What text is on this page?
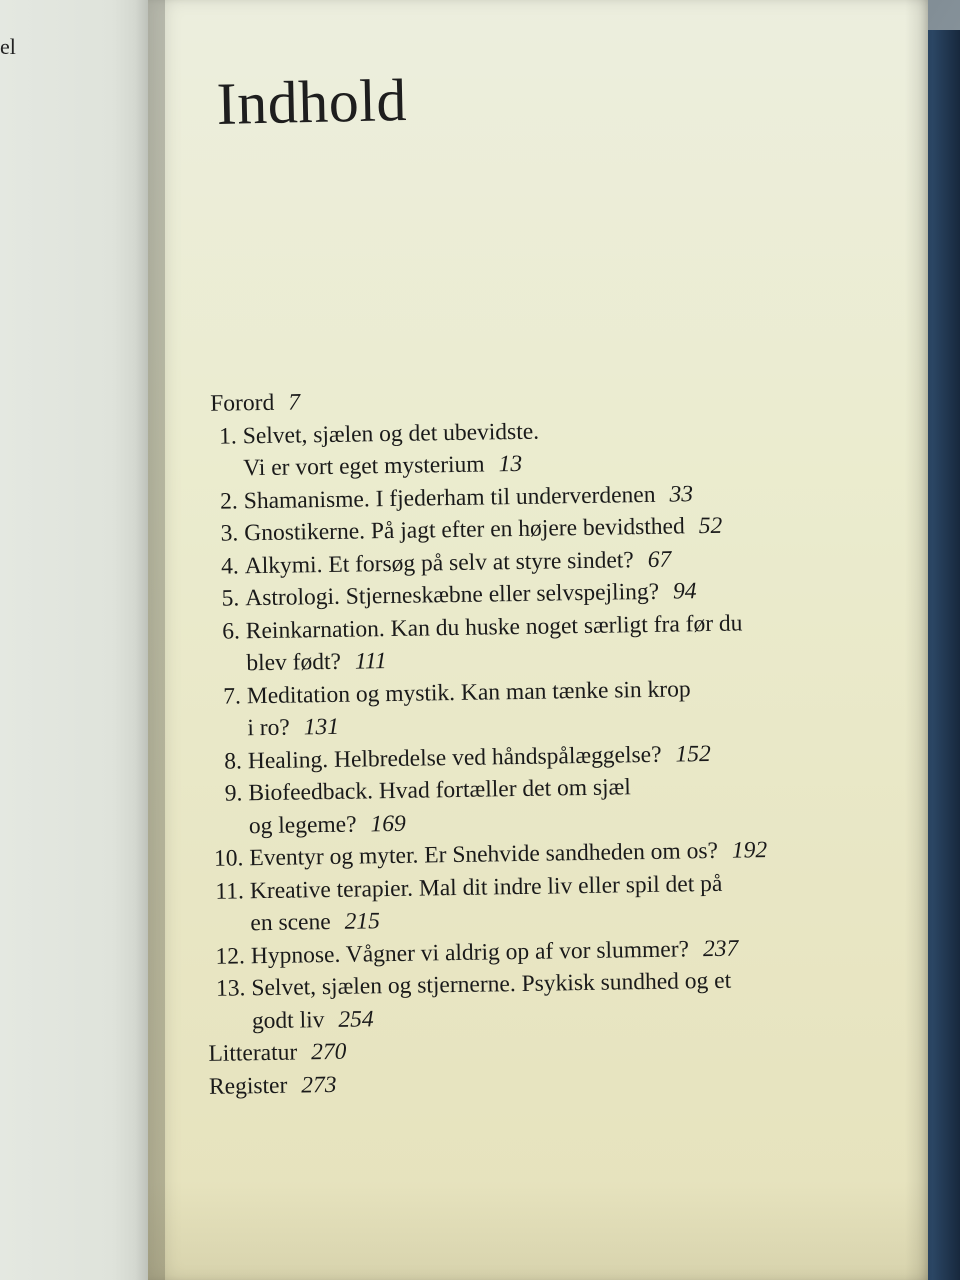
el
Indhold
Forord 7
1. Selvet, sjælen og det ubevidste.
Vi er vort eget mysterium 13
2. Shamanisme. I fjederham til underverdenen 33
3. Gnostikerne. På jagt efter en højere bevidsthed 52
4. Alkymi. Et forsøg på selv at styre sindet? 67
5. Astrologi. Stjerneskæbne eller selvspejling? 94
6. Reinkarnation. Kan du huske noget særligt fra før du
blev født? 111
7. Meditation og mystik. Kan man tænke sin krop
i ro? 131
8. Healing. Helbredelse ved håndspålæggelse? 152
9. Biofeedback. Hvad fortæller det om sjæl
og legeme? 169
10. Eventyr og myter. Er Snehvide sandheden om os? 192
11. Kreative terapier. Mal dit indre liv eller spil det på
en scene 215
12. Hypnose. Vågner vi aldrig op af vor slummer? 237
13. Selvet, sjælen og stjernerne. Psykisk sundhed og et
godt liv 254
Litteratur 270
Register 273
